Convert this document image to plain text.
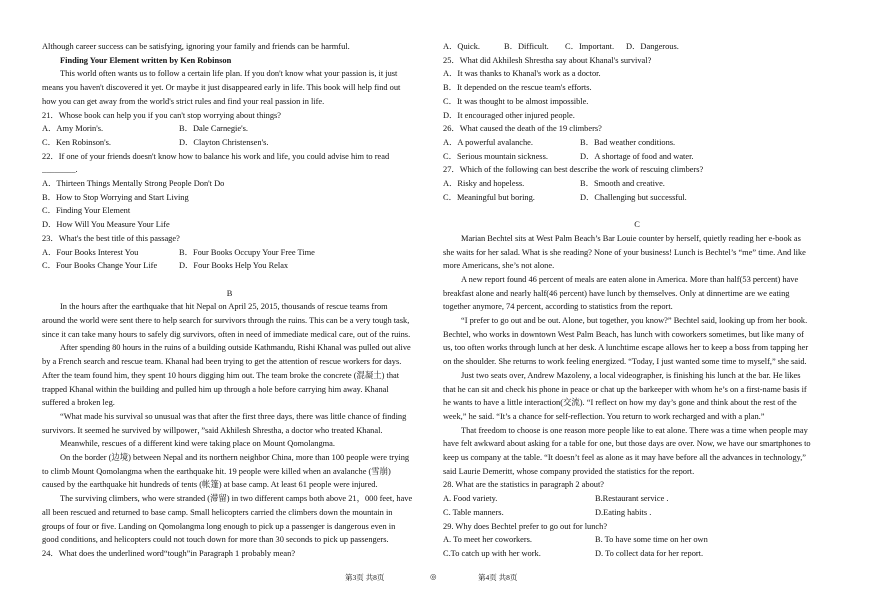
Although career success can be satisfying, ignoring your family and friends can be harmful.
Finding Your Element written by Ken Robinson
This world often wants us to follow a certain life plan. If you don't know what your passion is, it just
means you haven't discovered it yet. Or maybe it just disappeared early in life. This book will help find out
how you can get away from the world's strict rules and find your real passion in life.
21．Whose book can help you if you can't stop worrying about things?
A．Amy Morin's.	B．Dale Carnegie's.
C．Ken Robinson's.	D．Clayton Christensen's.
22．If one of your friends doesn't know how to balance his work and life, you could advise him to read
________.
A．Thirteen Things Mentally Strong People Don't Do
B．How to Stop Worrying and Start Living
C．Finding Your Element
D．How Will You Measure Your Life
23．What's the best title of this passage?
A．Four Books Interest You	B．Four Books Occupy Your Free Time
C．Four Books Change Your Life	D．Four Books Help You Relax
B
In the hours after the earthquake that hit Nepal on April 25, 2015, thousands of rescue teams from
around the world were sent there to help search for survivors through the ruins. This can be a very tough task,
since it can take many hours to safely dig survivors, often in need of immediate medical care, out of the ruins.
After spending 80 hours in the ruins of a building outside Kathmandu, Rishi Khanal was pulled out alive
by a French search and rescue team. Khanal had been trying to get the attention of rescue workers for days.
After the team found him, they spent 10 hours digging him out. The team broke the concrete (混凝土) that
trapped Khanal within the building and pulled him up through a hole before carrying him away. Khanal
suffered a broken leg.
“What made his survival so unusual was that after the first three days, there was little chance of finding
survivors. It seemed he survived by willpower，”said Akhilesh Shrestha, a doctor who treated Khanal.
Meanwhile, rescues of a different kind were taking place on Mount Qomolangma.
On the border (边境) between Nepal and its northern neighbor China, more than 100 people were trying
to climb Mount Qomolangma when the earthquake hit. 19 people were killed when an avalanche (雪崩)
caused by the earthquake hit hundreds of tents (帐篷) at base camp. At least 61 people were injured.
The surviving climbers, who were stranded (滞留) in two different camps both above 21，000 feet, have
all been rescued and returned to base camp. Small helicopters carried the climbers down the mountain in
groups of four or five. Landing on Qomolangma long enough to pick up a passenger is dangerous even in
good conditions, and helicopters could not touch down for more than 30 seconds to pick up passengers.
24．What does the underlined word“tough”in Paragraph 1 probably mean?
A．Quick.	B．Difficult.	C．Important.	D．Dangerous.
25．What did Akhilesh Shrestha say about Khanal's survival?
A．It was thanks to Khanal's work as a doctor.
B．It depended on the rescue team's efforts.
C．It was thought to be almost impossible.
D．It encouraged other injured people.
26．What caused the death of the 19 climbers?
A．A powerful avalanche.	B．Bad weather conditions.
C．Serious mountain sickness.	D．A shortage of food and water.
27．Which of the following can best describe the work of rescuing climbers?
A．Risky and hopeless.	B．Smooth and creative.
C．Meaningful but boring.	D．Challenging but successful.
C
Marian Bechtel sits at West Palm Beach’s Bar Louie counter by herself, quietly reading her e-book as
she waits for her salad. What is she reading? None of your business! Lunch is Bechtel’s “me” time. And like
more Americans, she’s not alone.
A new report found 46 percent of meals are eaten alone in America. More than half(53 percent) have
breakfast alone and nearly half(46 percent) have lunch by themselves. Only at dinnertime are we eating
together anymore, 74 percent, according to statistics from the report.
“I prefer to go out and be out. Alone, but together, you know?” Bechtel said, looking up from her book.
Bechtel, who works in downtown West Palm Beach, has lunch with coworkers sometimes, but like many of
us, too often works through lunch at her desk. A lunchtime escape allows her to keep a boss from tapping her
on the shoulder. She returns to work feeling energized. “Today, I just wanted some time to myself,” she said.
Just two seats over, Andrew Mazoleny, a local videographer, is finishing his lunch at the bar. He likes
that he can sit and check his phone in peace or chat up the barkeeper with whom he’s on a first-name basis if
he wants to have a little interaction(交流). “I reflect on how my day’s gone and think about the rest of the
week,” he said. “It’s a chance for self-reflection. You return to work recharged and with a plan.”
That freedom to choose is one reason more people like to eat alone. There was a time when people may
have felt awkward about asking for a table for one, but those days are over. Now, we have our smartphones to
keep us company at the table. “It doesn’t feel as alone as it may have before all the advances in technology,”
said Laurie Demeritt, whose company provided the statistics for the report.
28. What are the statistics in paragraph 2 about?
A. Food variety.	B.Restaurant service .
C. Table manners.	D.Eating habits .
29. Why does Bechtel prefer to go out for lunch?
A. To meet her coworkers.	B. To have some time on her own
C.To catch up with her work.	D. To collect data for her report.
第3页 共8页	◎	第4页 共8页
